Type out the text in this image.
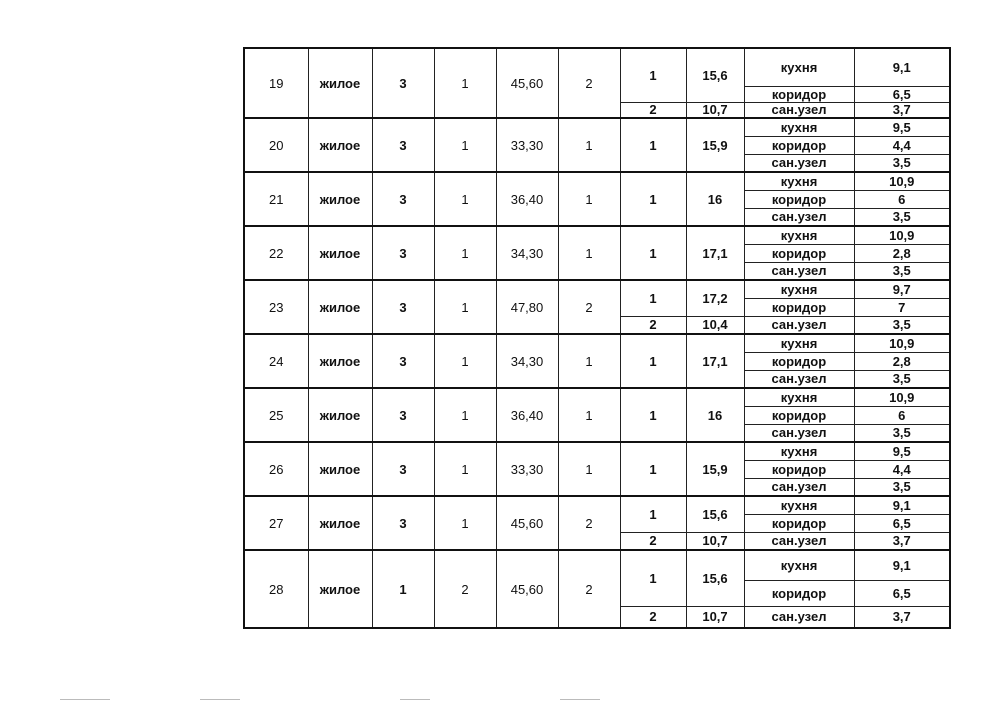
19	жилое	3	1	45,60	2	1	15,6	кухня	9,1
								коридор	6,5
						2	10,7	сан.узел	3,7
20	жилое	3	1	33,30	1	1	15,9	кухня	9,5
								коридор	4,4
								сан.узел	3,5
21	жилое	3	1	36,40	1	1	16	кухня	10,9
								коридор	6
								сан.узел	3,5
22	жилое	3	1	34,30	1	1	17,1	кухня	10,9
								коридор	2,8
								сан.узел	3,5
23	жилое	3	1	47,80	2	1	17,2	кухня	9,7
								коридор	7
						2	10,4	сан.узел	3,5
24	жилое	3	1	34,30	1	1	17,1	кухня	10,9
								коридор	2,8
								сан.узел	3,5
25	жилое	3	1	36,40	1	1	16	кухня	10,9
								коридор	6
								сан.узел	3,5
26	жилое	3	1	33,30	1	1	15,9	кухня	9,5
								коридор	4,4
								сан.узел	3,5
27	жилое	3	1	45,60	2	1	15,6	кухня	9,1
								коридор	6,5
						2	10,7	сан.узел	3,7
28	жилое	1	2	45,60	2	1	15,6	кухня	9,1
								коридор	6,5
						2	10,7	сан.узел	3,7
